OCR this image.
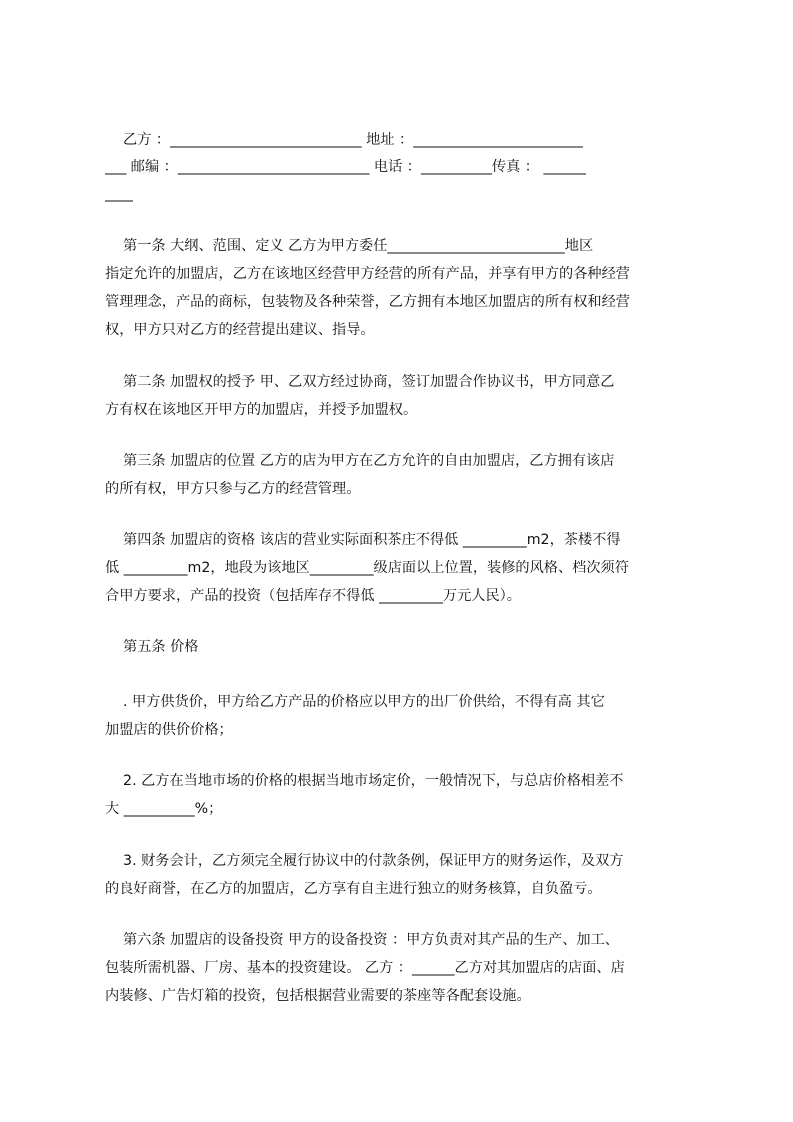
乙方 ：___________________________ 地址 ：________________________
___ 邮编 ：___________________________ 电话 ：__________传真 ： ______
____
第一条 大纲、范围、定义 乙方为甲方委任_________________________地区
指定允许的加盟店，乙方在该地区经营甲方经营的所有产品，并享有甲方的各种经营
管理理念，产品的商标，包装物及各种荣誉，乙方拥有本地区加盟店的所有权和经营
权，甲方只对乙方的经营提出建议、指导。
第二条 加盟权的授予 甲、乙双方经过协商，签订加盟合作协议书，甲方同意乙
方有权在该地区开甲方的加盟店，并授予加盟权。
第三条 加盟店的位置 乙方的店为甲方在乙方允许的自由加盟店，乙方拥有该店
的所有权，甲方只参与乙方的经营管理。
第四条 加盟店的资格 该店的营业实际面积茶庄不得低 _________m2，茶楼不得
低 _________m2，地段为该地区_________级店面以上位置，装修的风格、档次须符
合甲方要求，产品的投资（包括库存不得低 _________万元人民）。
第五条 价格
. 甲方供货价，甲方给乙方产品的价格应以甲方的出厂价供给，不得有高 其它
加盟店的供价价格；
2. 乙方在当地市场的价格的根据当地市场定价，一般情况下，与总店价格相差不
大 __________%；
3. 财务会计，乙方须完全履行协议中的付款条例，保证甲方的财务运作，及双方
的良好商誉，在乙方的加盟店，乙方享有自主进行独立的财务核算，自负盈亏。
第六条 加盟店的设备投资 甲方的设备投资 ：甲方负责对其产品的生产、加工、
包装所需机器、厂房、基本的投资建设。 乙方 ：______乙方对其加盟店的店面、店
内装修、广告灯箱的投资，包括根据营业需要的茶座等各配套设施。
